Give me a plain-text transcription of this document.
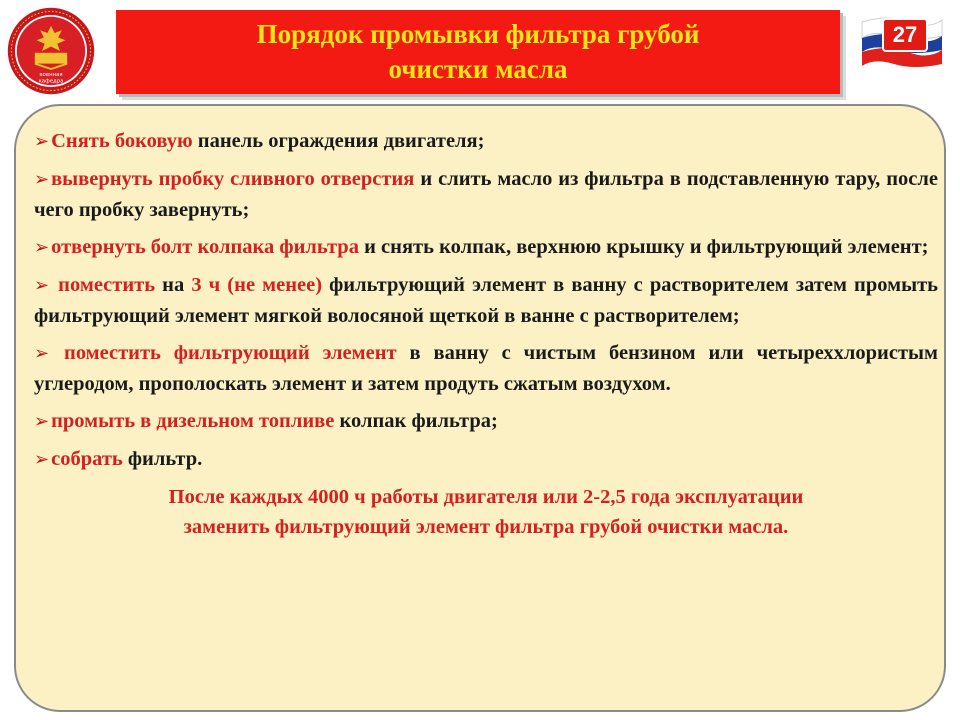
военная
кафедра
Порядок промывки фильтра грубой
очистки масла
27
➢Снять боковую панель ограждения двигателя;
➢вывернуть пробку сливного отверстия и слить масло из фильтра в подставленную тару, после чего пробку завернуть;
➢отвернуть болт колпака фильтра и снять колпак, верхнюю крышку и фильтрующий элемент;
➢ поместить на 3 ч (не менее) фильтрующий элемент в ванну с растворителем затем промыть фильтрующий элемент мягкой волосяной щеткой в ванне с растворителем;
➢ поместить фильтрующий элемент в ванну с чистым бензином или четыреххлористым углеродом, прополоскать элемент и затем продуть сжатым воздухом.
➢промыть в дизельном топливе колпак фильтра;
➢собрать фильтр.
После каждых 4000 ч работы двигателя или 2-2,5 года эксплуатации
заменить фильтрующий элемент фильтра грубой очистки масла.
